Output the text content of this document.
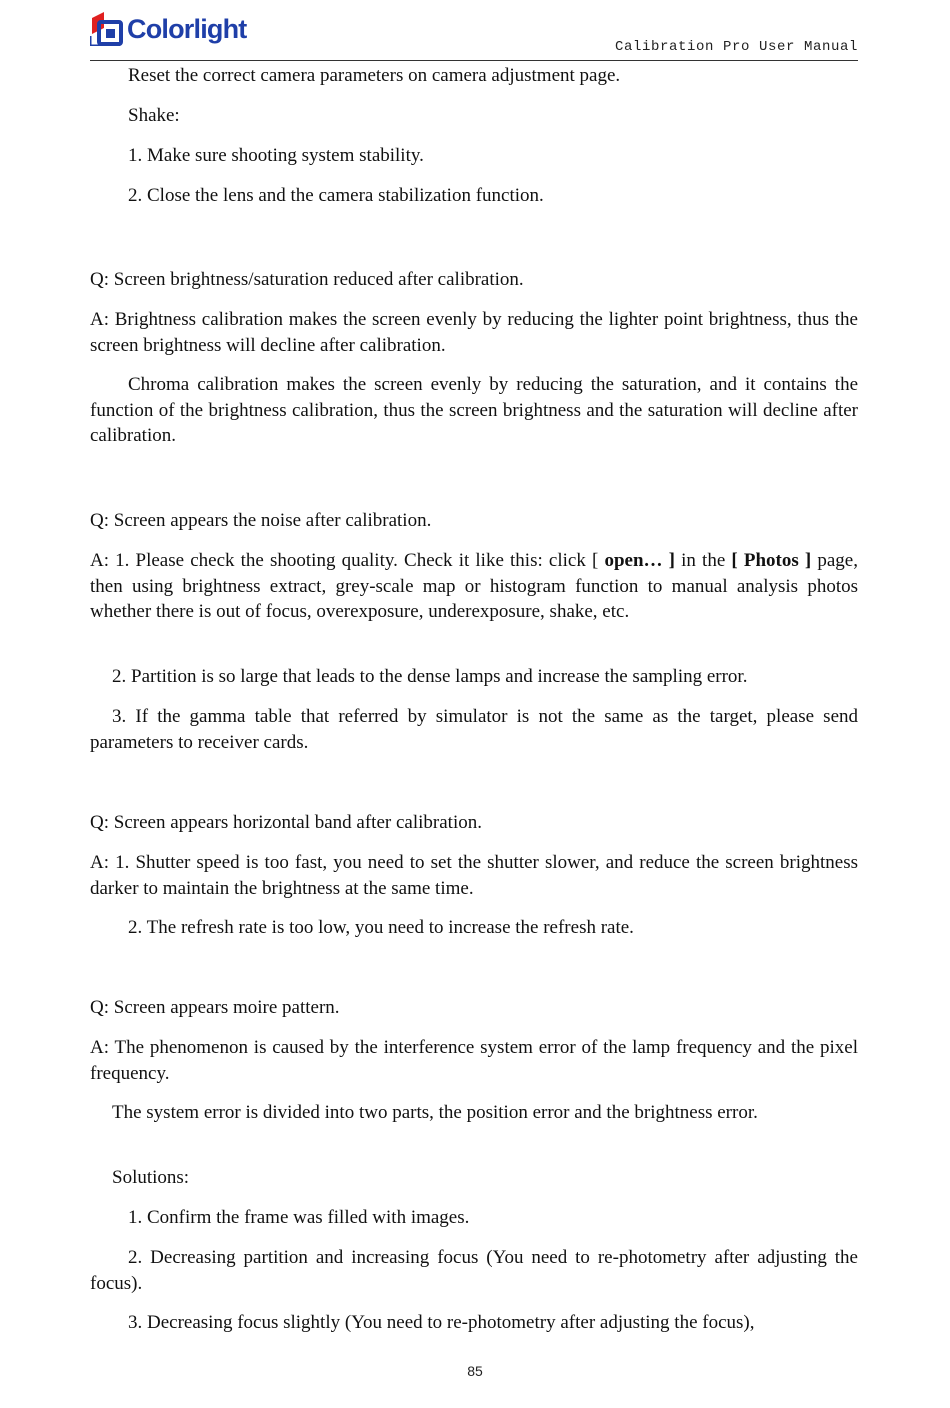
Colorlight
Calibration Pro User Manual

Reset the correct camera parameters on camera adjustment page.

Shake:

1. Make sure shooting system stability.

2. Close the lens and the camera stabilization function.

Q: Screen brightness/saturation reduced after calibration.

A: Brightness calibration makes the screen evenly by reducing the lighter point brightness, thus the screen brightness will decline after calibration.

Chroma calibration makes the screen evenly by reducing the saturation, and it contains the function of the brightness calibration, thus the screen brightness and the saturation will decline after calibration.

Q: Screen appears the noise after calibration.

A: 1. Please check the shooting quality. Check it like this: click [ open… ] in the [ Photos ] page, then using brightness extract, grey-scale map or histogram function to manual analysis photos whether there is out of focus, overexposure, underexposure, shake, etc.

2. Partition is so large that leads to the dense lamps and increase the sampling error.

3. If the gamma table that referred by simulator is not the same as the target, please send parameters to receiver cards.

Q: Screen appears horizontal band after calibration.

A: 1. Shutter speed is too fast, you need to set the shutter slower, and reduce the screen brightness darker to maintain the brightness at the same time.

2. The refresh rate is too low, you need to increase the refresh rate.

Q: Screen appears moire pattern.

A: The phenomenon is caused by the interference system error of the lamp frequency and the pixel frequency.

The system error is divided into two parts, the position error and the brightness error.

Solutions:

1. Confirm the frame was filled with images.

2. Decreasing partition and increasing focus (You need to re-photometry after adjusting the focus).

3. Decreasing focus slightly (You need to re-photometry after adjusting the focus),

85
